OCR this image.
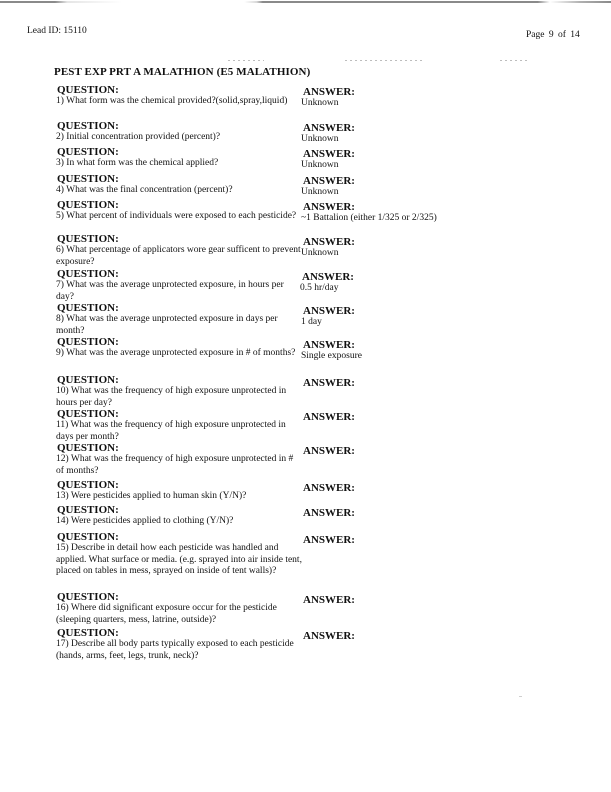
Lead ID: 15110	Page 9 of 14
PEST EXP PRT A MALATHION (E5 MALATHION)
QUESTION:
1) What form was the chemical provided?(solid,spray,liquid)
ANSWER:
Unknown
QUESTION:
2) Initial concentration provided (percent)?
ANSWER:
Unknown
QUESTION:
3) In what form was the chemical applied?
ANSWER:
Unknown
QUESTION:
4) What was the final concentration (percent)?
ANSWER:
Unknown
QUESTION:
5) What percent of individuals were exposed to each pesticide?
ANSWER:
~1 Battalion (either 1/325 or 2/325)
QUESTION:
6) What percentage of applicators wore gear sufficent to prevent exposure?
ANSWER:
Unknown
QUESTION:
7) What was the average unprotected exposure, in hours per day?
ANSWER:
0.5 hr/day
QUESTION:
8) What was the average unprotected exposure in days per month?
ANSWER:
1 day
QUESTION:
9) What was the average unprotected exposure in # of months?
ANSWER:
Single exposure
QUESTION:
10) What was the frequency of high exposure unprotected in hours per day?
ANSWER:
QUESTION:
11) What was the frequency of high exposure unprotected in days per month?
ANSWER:
QUESTION:
12) What was the frequency of high exposure unprotected in # of months?
ANSWER:
QUESTION:
13) Were pesticides applied to human skin (Y/N)?
ANSWER:
QUESTION:
14) Were pesticides applied to clothing (Y/N)?
ANSWER:
QUESTION:
15) Describe in detail how each pesticide was handled and applied. What surface or media. (e.g. sprayed into air inside tent, placed on tables in mess, sprayed on inside of tent walls)?
ANSWER:
QUESTION:
16) Where did significant exposure occur for the pesticide (sleeping quarters, mess, latrine, outside)?
ANSWER:
QUESTION:
17) Describe all body parts typically exposed to each pesticide (hands, arms, feet, legs, trunk, neck)?
ANSWER:
